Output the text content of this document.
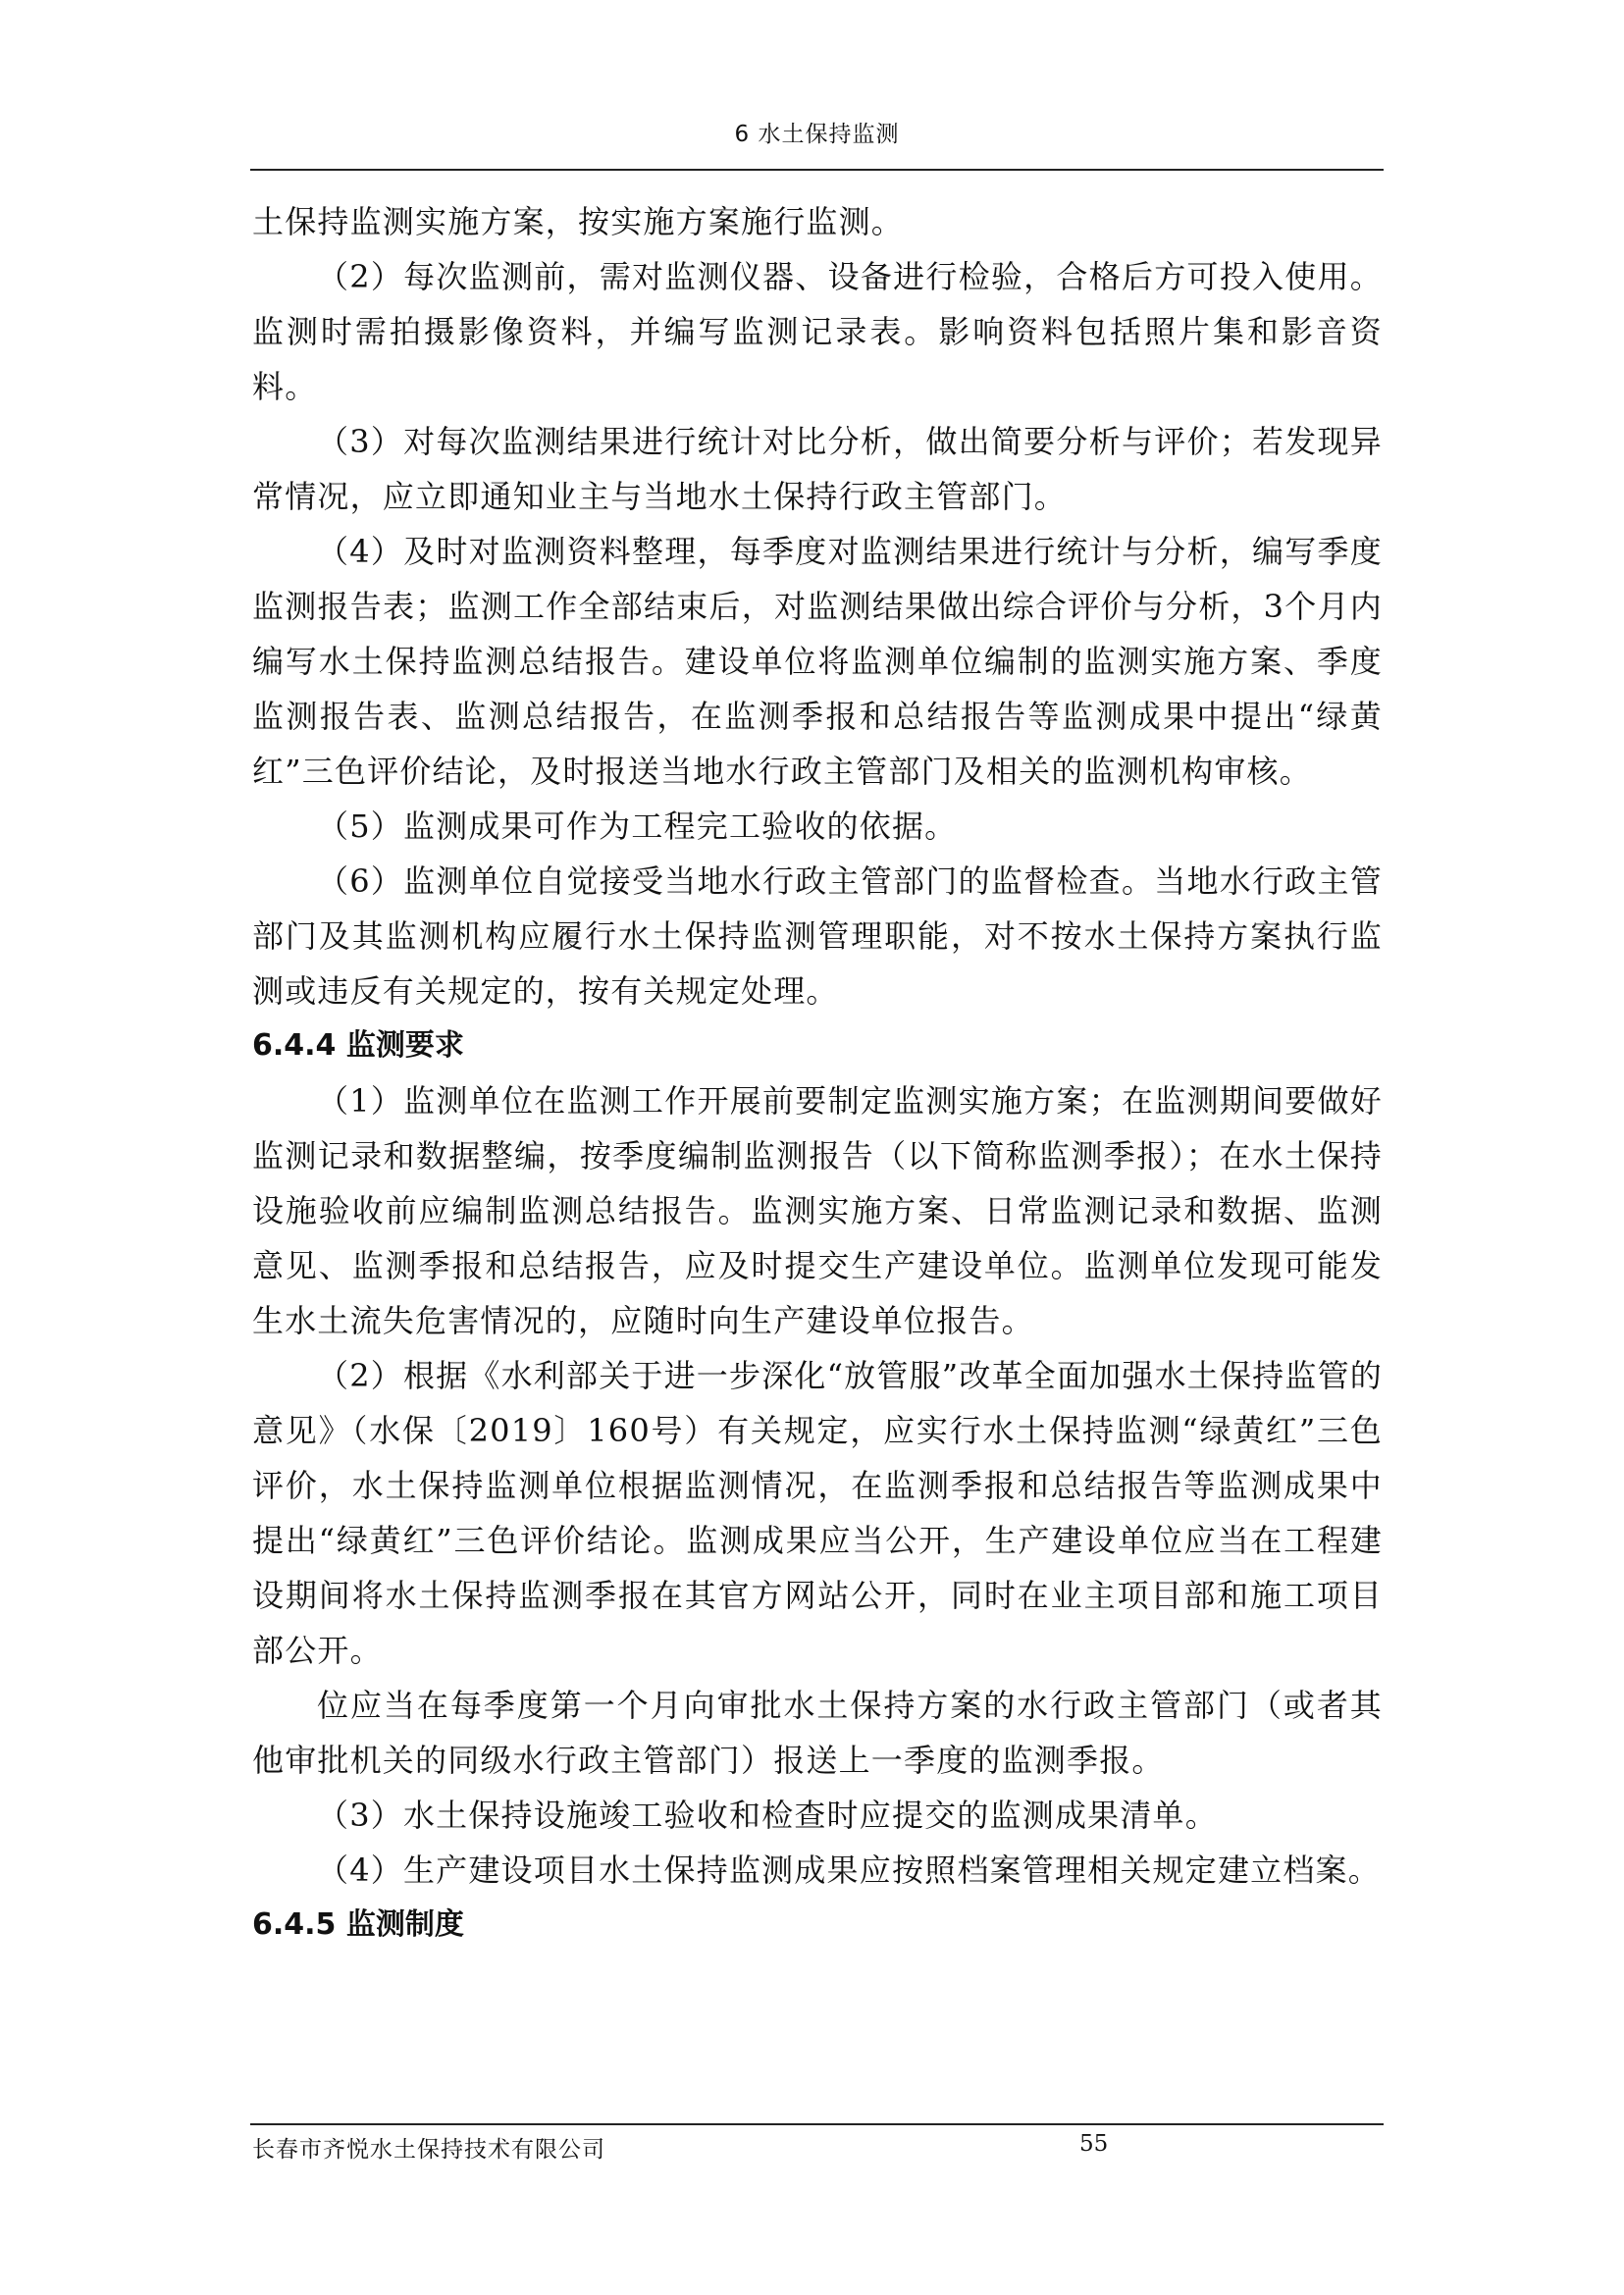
6 水土保持监测

土保持监测实施方案，按实施方案施行监测。

（2）每次监测前，需对监测仪器、设备进行检验，合格后方可投入使用。监测时需拍摄影像资料，并编写监测记录表。影响资料包括照片集和影音资料。

（3）对每次监测结果进行统计对比分析，做出简要分析与评价；若发现异常情况，应立即通知业主与当地水土保持行政主管部门。

（4）及时对监测资料整理，每季度对监测结果进行统计与分析，编写季度监测报告表；监测工作全部结束后，对监测结果做出综合评价与分析，3个月内编写水土保持监测总结报告。建设单位将监测单位编制的监测实施方案、季度监测报告表、监测总结报告，在监测季报和总结报告等监测成果中提出“绿黄红”三色评价结论，及时报送当地水行政主管部门及相关的监测机构审核。

（5）监测成果可作为工程完工验收的依据。

（6）监测单位自觉接受当地水行政主管部门的监督检查。当地水行政主管部门及其监测机构应履行水土保持监测管理职能，对不按水土保持方案执行监测或违反有关规定的，按有关规定处理。

6.4.4 监测要求

（1）监测单位在监测工作开展前要制定监测实施方案；在监测期间要做好监测记录和数据整编，按季度编制监测报告（以下简称监测季报）；在水土保持设施验收前应编制监测总结报告。监测实施方案、日常监测记录和数据、监测意见、监测季报和总结报告，应及时提交生产建设单位。监测单位发现可能发生水土流失危害情况的，应随时向生产建设单位报告。

（2）根据《水利部关于进一步深化“放管服”改革全面加强水土保持监管的意见》（水保〔2019〕160号）有关规定，应实行水土保持监测“绿黄红”三色评价，水土保持监测单位根据监测情况，在监测季报和总结报告等监测成果中提出“绿黄红”三色评价结论。监测成果应当公开，生产建设单位应当在工程建设期间将水土保持监测季报在其官方网站公开，同时在业主项目部和施工项目部公开。

位应当在每季度第一个月向审批水土保持方案的水行政主管部门（或者其他审批机关的同级水行政主管部门）报送上一季度的监测季报。

（3）水土保持设施竣工验收和检查时应提交的监测成果清单。

（4）生产建设项目水土保持监测成果应按照档案管理相关规定建立档案。

6.4.5 监测制度
长春市齐悦水土保持技术有限公司	55
